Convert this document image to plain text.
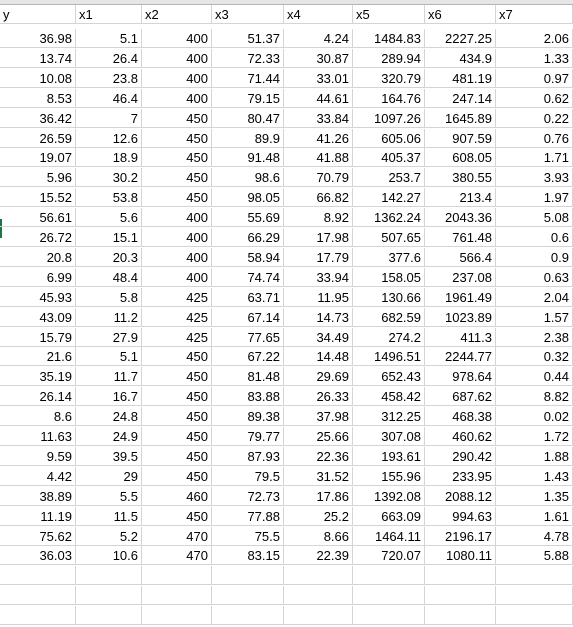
y	x1	x2	x3	x4	x5	x6	x7
36.98	5.1	400	51.37	4.24	1484.83	2227.25	2.06
13.74	26.4	400	72.33	30.87	289.94	434.9	1.33
10.08	23.8	400	71.44	33.01	320.79	481.19	0.97
8.53	46.4	400	79.15	44.61	164.76	247.14	0.62
36.42	7	450	80.47	33.84	1097.26	1645.89	0.22
26.59	12.6	450	89.9	41.26	605.06	907.59	0.76
19.07	18.9	450	91.48	41.88	405.37	608.05	1.71
5.96	30.2	450	98.6	70.79	253.7	380.55	3.93
15.52	53.8	450	98.05	66.82	142.27	213.4	1.97
56.61	5.6	400	55.69	8.92	1362.24	2043.36	5.08
26.72	15.1	400	66.29	17.98	507.65	761.48	0.6
20.8	20.3	400	58.94	17.79	377.6	566.4	0.9
6.99	48.4	400	74.74	33.94	158.05	237.08	0.63
45.93	5.8	425	63.71	11.95	130.66	1961.49	2.04
43.09	11.2	425	67.14	14.73	682.59	1023.89	1.57
15.79	27.9	425	77.65	34.49	274.2	411.3	2.38
21.6	5.1	450	67.22	14.48	1496.51	2244.77	0.32
35.19	11.7	450	81.48	29.69	652.43	978.64	0.44
26.14	16.7	450	83.88	26.33	458.42	687.62	8.82
8.6	24.8	450	89.38	37.98	312.25	468.38	0.02
11.63	24.9	450	79.77	25.66	307.08	460.62	1.72
9.59	39.5	450	87.93	22.36	193.61	290.42	1.88
4.42	29	450	79.5	31.52	155.96	233.95	1.43
38.89	5.5	460	72.73	17.86	1392.08	2088.12	1.35
11.19	11.5	450	77.88	25.2	663.09	994.63	1.61
75.62	5.2	470	75.5	8.66	1464.11	2196.17	4.78
36.03	10.6	470	83.15	22.39	720.07	1080.11	5.88
